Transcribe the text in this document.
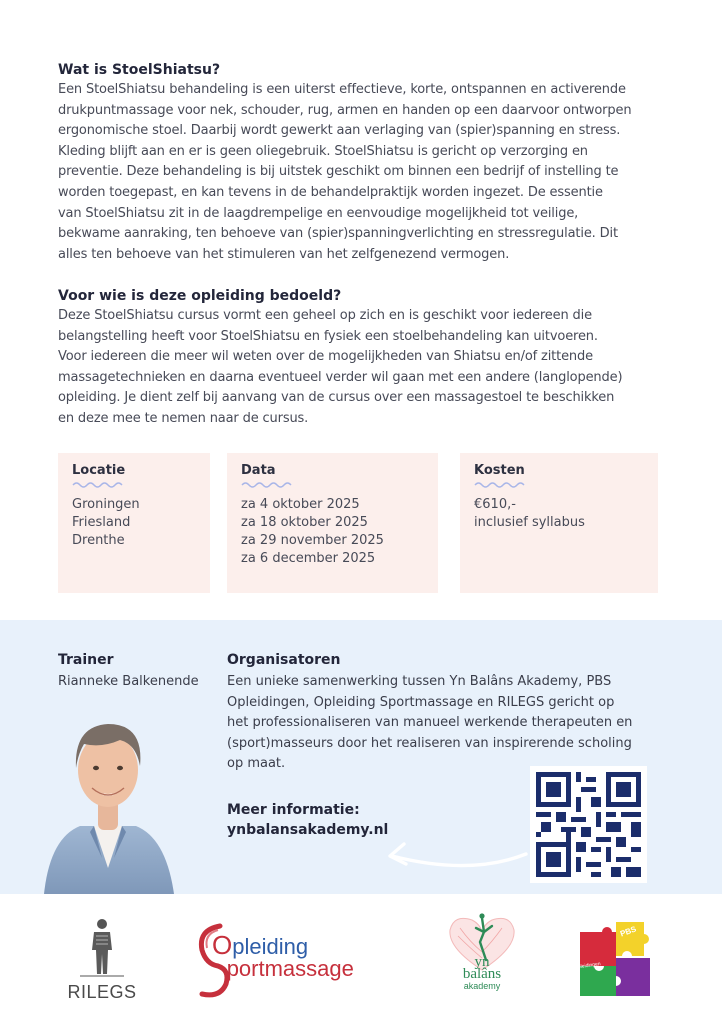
Wat is StoelShiatsu?
Een StoelShiatsu behandeling is een uiterst effectieve, korte, ontspannen en activerende
drukpuntmassage voor nek, schouder, rug, armen en handen op een daarvoor ontworpen
ergonomische stoel. Daarbij wordt gewerkt aan verlaging van (spier)spanning en stress.
Kleding blijft aan en er is geen oliegebruik. StoelShiatsu is gericht op verzorging en
preventie. Deze behandeling is bij uitstek geschikt om binnen een bedrijf of instelling te
worden toegepast, en kan tevens in de behandelpraktijk worden ingezet. De essentie
van StoelShiatsu zit in de laagdrempelige en eenvoudige mogelijkheid tot veilige,
bekwame aanraking, ten behoeve van (spier)spanningverlichting en stressregulatie. Dit
alles ten behoeve van het stimuleren van het zelfgenezend vermogen.
Voor wie is deze opleiding bedoeld?
Deze StoelShiatsu cursus vormt een geheel op zich en is geschikt voor iedereen die
belangstelling heeft voor StoelShiatsu en fysiek een stoelbehandeling kan uitvoeren.
Voor iedereen die meer wil weten over de mogelijkheden van Shiatsu en/of zittende
massagetechnieken en daarna eventueel verder wil gaan met een andere (langlopende)
opleiding. Je dient zelf bij aanvang van de cursus over een massagestoel te beschikken
en deze mee te nemen naar de cursus.
Locatie
Groningen
Friesland
Drenthe
Data
za 4 oktober 2025
za 18 oktober 2025
za 29 november 2025
za 6 december 2025
Kosten
€610,-
inclusief syllabus
Trainer
Rianneke Balkenende
Organisatoren
Een unieke samenwerking tussen Yn Balâns Akademy, PBS
Opleidingen, Opleiding Sportmassage en RILEGS gericht op
het professionaliseren van manueel werkende therapeuten en
(sport)masseurs door het realiseren van inspirerende scholing
op maat.
Meer informatie:
ynbalansakademy.nl
RILEGS
Opleiding
portmassage	yn
balâns
akademy
PBS
Opleidingen
